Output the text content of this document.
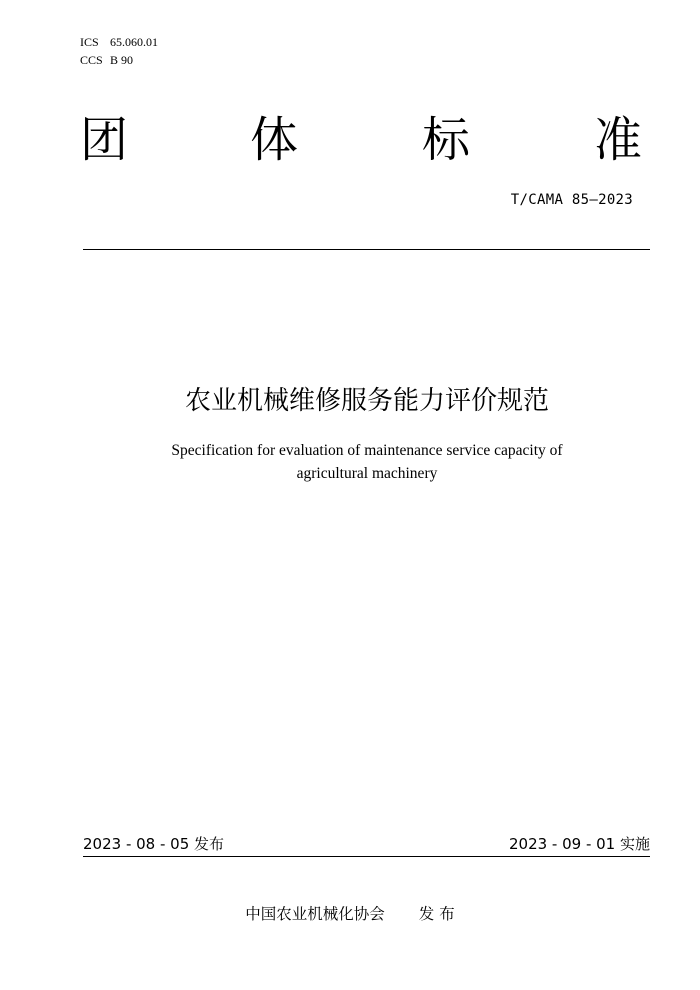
ICS 65.060.01
CCS B 90
团	体	标	准
T/CAMA 85—2023
农业机械维修服务能力评价规范
Specification for evaluation of maintenance service capacity of
agricultural machinery
2023 - 08 - 05 发布	2023 - 09 - 01 实施
中国农业机械化协会 发 布
